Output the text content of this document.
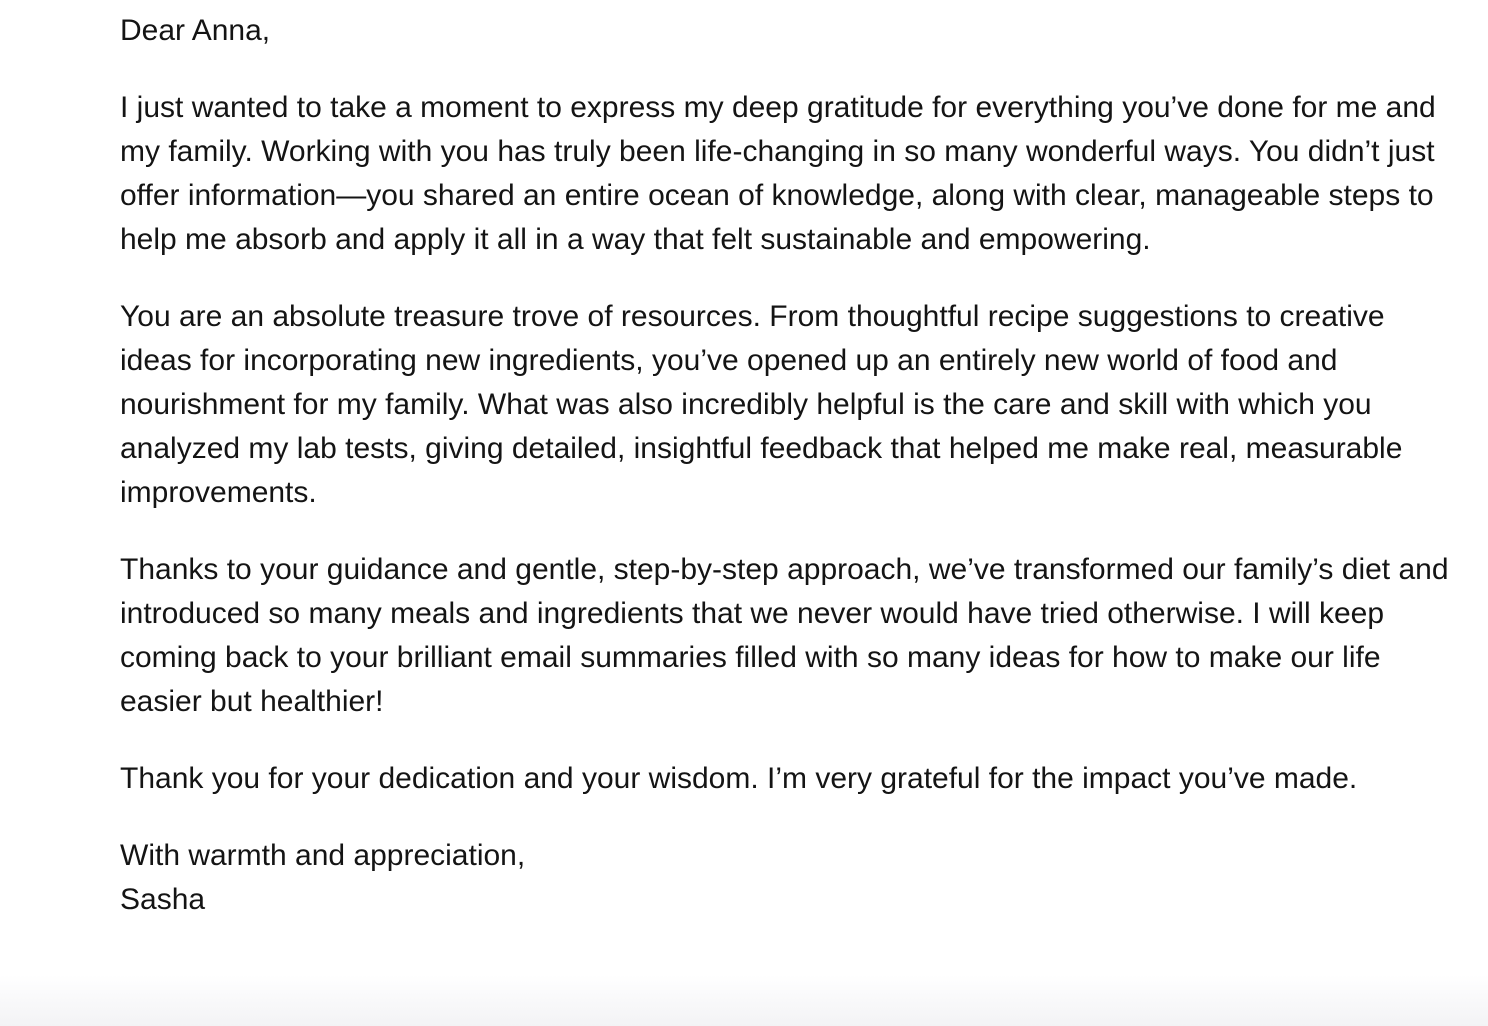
Dear Anna,

I just wanted to take a moment to express my deep gratitude for everything you’ve done for me and my family. Working with you has truly been life-changing in so many wonderful ways. You didn’t just offer information—you shared an entire ocean of knowledge, along with clear, manageable steps to help me absorb and apply it all in a way that felt sustainable and empowering.

You are an absolute treasure trove of resources. From thoughtful recipe suggestions to creative ideas for incorporating new ingredients, you’ve opened up an entirely new world of food and nourishment for my family. What was also incredibly helpful is the care and skill with which you analyzed my lab tests, giving detailed, insightful feedback that helped me make real, measurable improvements.

Thanks to your guidance and gentle, step-by-step approach, we’ve transformed our family’s diet and introduced so many meals and ingredients that we never would have tried otherwise. I will keep coming back to your brilliant email summaries filled with so many ideas for how to make our life easier but healthier!

Thank you for your dedication and your wisdom. I’m very grateful for the impact you’ve made.

With warmth and appreciation,
Sasha
